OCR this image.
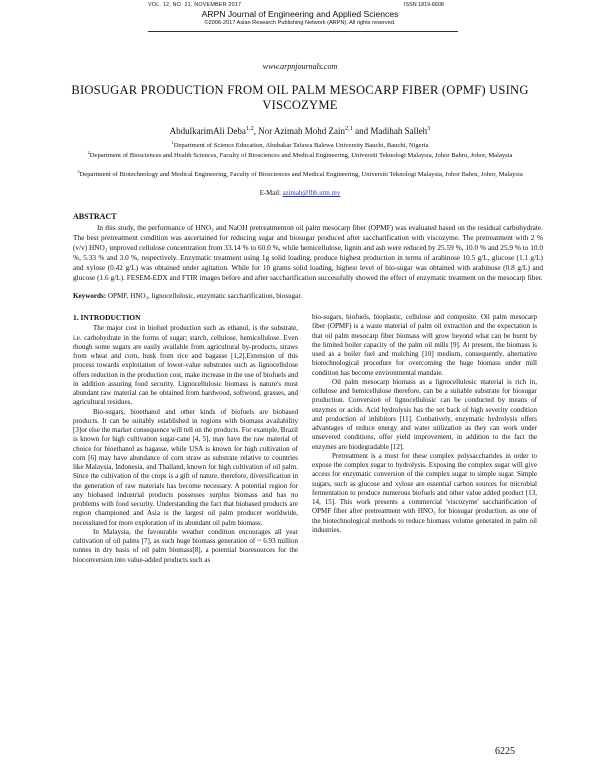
VOL. 12, NO. 21, NOVEMBER 2017	ISSN 1819-6608
ARPN Journal of Engineering and Applied Sciences
©2006-2017 Asian Research Publishing Network (ARPN). All rights reserved.
www.arpnjournals.com
BIOSUGAR PRODUCTION FROM OIL PALM MESOCARP FIBER (OPMF) USING VISCOZYME
AbdulkarimAli Deba$^{1,2}$, Nor Azimah Mohd Zain$^{2,1}$ and Madihah Salleh$^3$
$^1$Department of Science Education, Abubakar Tafawa Balewa University Bauchi, Bauchi, Nigeria
$^2$Department of Biosciences and Health Sciences, Faculty of Biosciences and Medical Engineering, Universiti Teknologi Malaysia, Johor Bahru, Johor, Malaysia
$^3$Department of Biotechnology and Medical Engineering, Faculty of Biosciences and Medical Engineering, Universiti Teknologi Malaysia, Johor Bahru, Johor, Malaysia
E-Mail: azimah@fbb.utm.my
ABSTRACT
In this study, the performance of HNO₃ and NaOH pretreatmenton oil palm mesocarp fiber (OPMF) was evaluated based on the residual carbohydrate. The best pretreatment condition was ascertained for reducing sugar and biosugar produced after saccharification with viscozyme. The pretreatment with 2 % (v/v) HNO₃ improved cellulose concentration from 33.14 % to 60.0 %, while hemicellulose, lignin and ash were reduced by 25.59 %, 10.0 % and 25.9 % to 10.0 %, 5.33 % and 3.0 %, respectively. Enzymatic treatment using 1g solid loading, produce highest production in terms of arabinose 10.5 g/L, glucose (1.1 g/L) and xylose (0.42 g/L) was obtained under agitation. While for 10 grams solid loading, highest level of bio-sugar was obtained with arabinose (0.8 g/L) and glucose (1.6 g/L). FESEM-EDX and FTIR images before and after saccharification successfully showed the effect of enzymatic treatment on the mesocarp fiber.
Keywords: OPMF, HNO₃, lignocellulosic, enzymatic saccharification, biosugar.
1. INTRODUCTION

The major cost in biofuel production such as ethanol, is the substrate, i.e. carbohydrate in the forms of sugar; starch, cellulose, hemicellulose. Even though some sugars are easily available from agricultural by-products, straws from wheat and corn, husk from rice and bagasse [1,2].Extension of this process towards exploitation of lower-value substrates such as lignocellulose offers reduction in the production cost, make increase in the use of biofuels and in addition assuring food security. Lignocellulosic biomass is nature's most abundant raw material can be obtained from hardwood, softwood, grasses, and agricultural residues.

Bio-sugars, bioethanol and other kinds of biofuels are biobased products. It can be suitably established in regions with biomass availability [3]or else the market consequence will tell on the products. For example, Brazil is known for high cultivation sugar-cane [4, 5], may have the raw material of choice for bioethanol as bagasse, while USA is known for high cultivation of corn [6] may have abundance of corn straw as substrate relative to countries like Malaysia, Indonesia, and Thailand, known for high cultivation of oil palm. Since the cultivation of the crops is a gift of nature, therefore, diversification in the generation of raw materials has become necessary. A potential region for any biobased industrial products possesses surplus biomass and has no problems with food security. Understanding the fact that biobased products are region championed and Asia is the largest oil palm producer worldwide, necessitated for more exploration of its abundant oil palm biomass.

In Malaysia, the favourable weather condition encourages all year cultivation of oil palms [7], as such huge biomass generation of ~ 6.93 million tonnes in dry basis of oil palm biomass[8], a potential bioresources for the bioconversion into value-added products such as

bio-sugars, biofuels, bioplastic, cellulose and composite. Oil palm mesocarp fiber (OPMF) is a waste material of palm oil extraction and the expectation is that oil palm mesocarp fiber biomass will grow beyond what can be burnt by the limited boiler capacity of the palm oil mills [9]. At present, the biomass is used as a boiler fuel and mulching [10] medium, consequently, alternative biotechnological procedure for overcoming the huge biomass under mill condition has become environmental mandate.

Oil palm mesocarp biomass as a lignocellulosic material is rich in, cellulose and hemicellulose therefore, can be a suitable substrate for biosugar production. Conversion of lignocellulosic can be conducted by means of enzymes or acids. Acid hydrolysis has the set back of high severity condition and production of inhibitors [11]. Conbatively, enzymatic hydrolysis offers advantages of reduce energy and water utilization as they can work under unsevered conditions, offer yield improvement, in addition to the fact the enzymes are biodegradable [12].

Pretreatment is a must for these complex polysaccharides in order to expose the complex sugar to hydrolysis. Exposing the complex sugar will give access for enzymatic conversion of the complex sugar to simple sugar. Simple sugars, such as glucose and xylose are essential carbon sources for microbial fermentation to produce numerous biofuels and other value added product [13, 14, 15]. This work presents a commercial 'viscozyme' saccharification of OPMF fiber after pretreatment with HNO₃ for biosugar production, as one of the biotechnological methods to reduce biomass volume generated in palm oil industries.

6225
